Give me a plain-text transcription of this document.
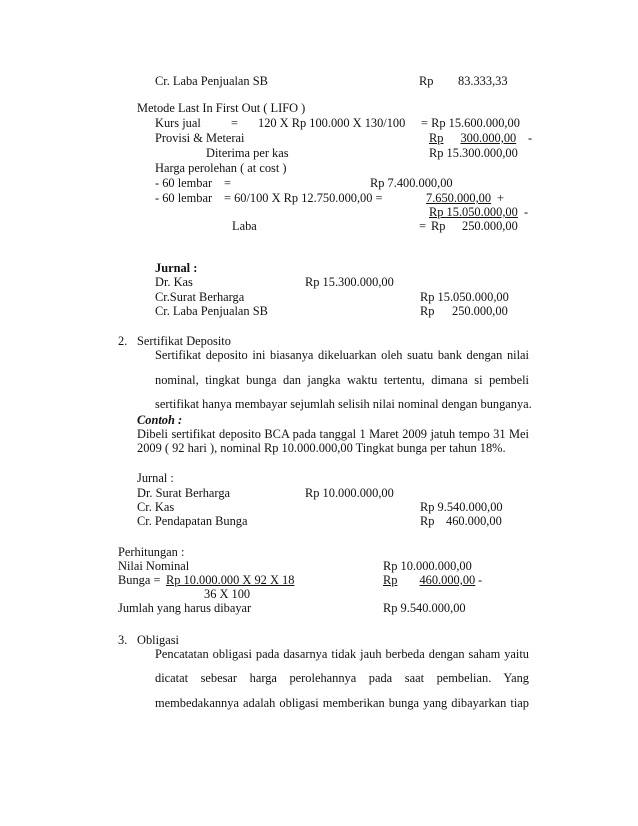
Cr. Laba Penjualan SB	Rp 83.333,33
Metode Last In First Out ( LIFO )
Kurs jual = 120 X Rp 100.000 X 130/100 = Rp 15.600.000,00
Provisi & Meterai	Rp 300.000,00 -
Diterima per kas	Rp 15.300.000,00
Harga perolehan ( at cost )
- 60 lembar =	Rp 7.400.000,00
- 60 lembar = 60/100 X Rp 12.750.000,00 =	7.650.000,00 +
Rp 15.050.000,00 -
Laba	= Rp 250.000,00
Jurnal :
Dr. Kas	Rp 15.300.000,00
Cr.Surat Berharga	Rp 15.050.000,00
Cr. Laba Penjualan SB	Rp 250.000,00
2. Sertifikat Deposito
Sertifikat deposito ini biasanya dikeluarkan oleh suatu bank dengan nilai
nominal, tingkat bunga dan jangka waktu tertentu, dimana si pembeli
sertifikat hanya membayar sejumlah selisih nilai nominal dengan bunganya.
Contoh :
Dibeli sertifikat deposito BCA pada tanggal 1 Maret 2009 jatuh tempo 31 Mei
2009 ( 92 hari ), nominal Rp 10.000.000,00 Tingkat bunga per tahun 18%.
Jurnal :
Dr. Surat Berharga	Rp 10.000.000,00
Cr. Kas	Rp 9.540.000,00
Cr. Pendapatan Bunga	Rp 460.000,00
Perhitungan :
Nilai Nominal	Rp 10.000.000,00
Bunga = Rp 10.000.000 X 92 X 18	Rp 460.000,00 -
36 X 100
Jumlah yang harus dibayar	Rp 9.540.000,00
3. Obligasi
Pencatatan obligasi pada dasarnya tidak jauh berbeda dengan saham yaitu
dicatat sebesar harga perolehannya pada saat pembelian. Yang
membedakannya adalah obligasi memberikan bunga yang dibayarkan tiap
